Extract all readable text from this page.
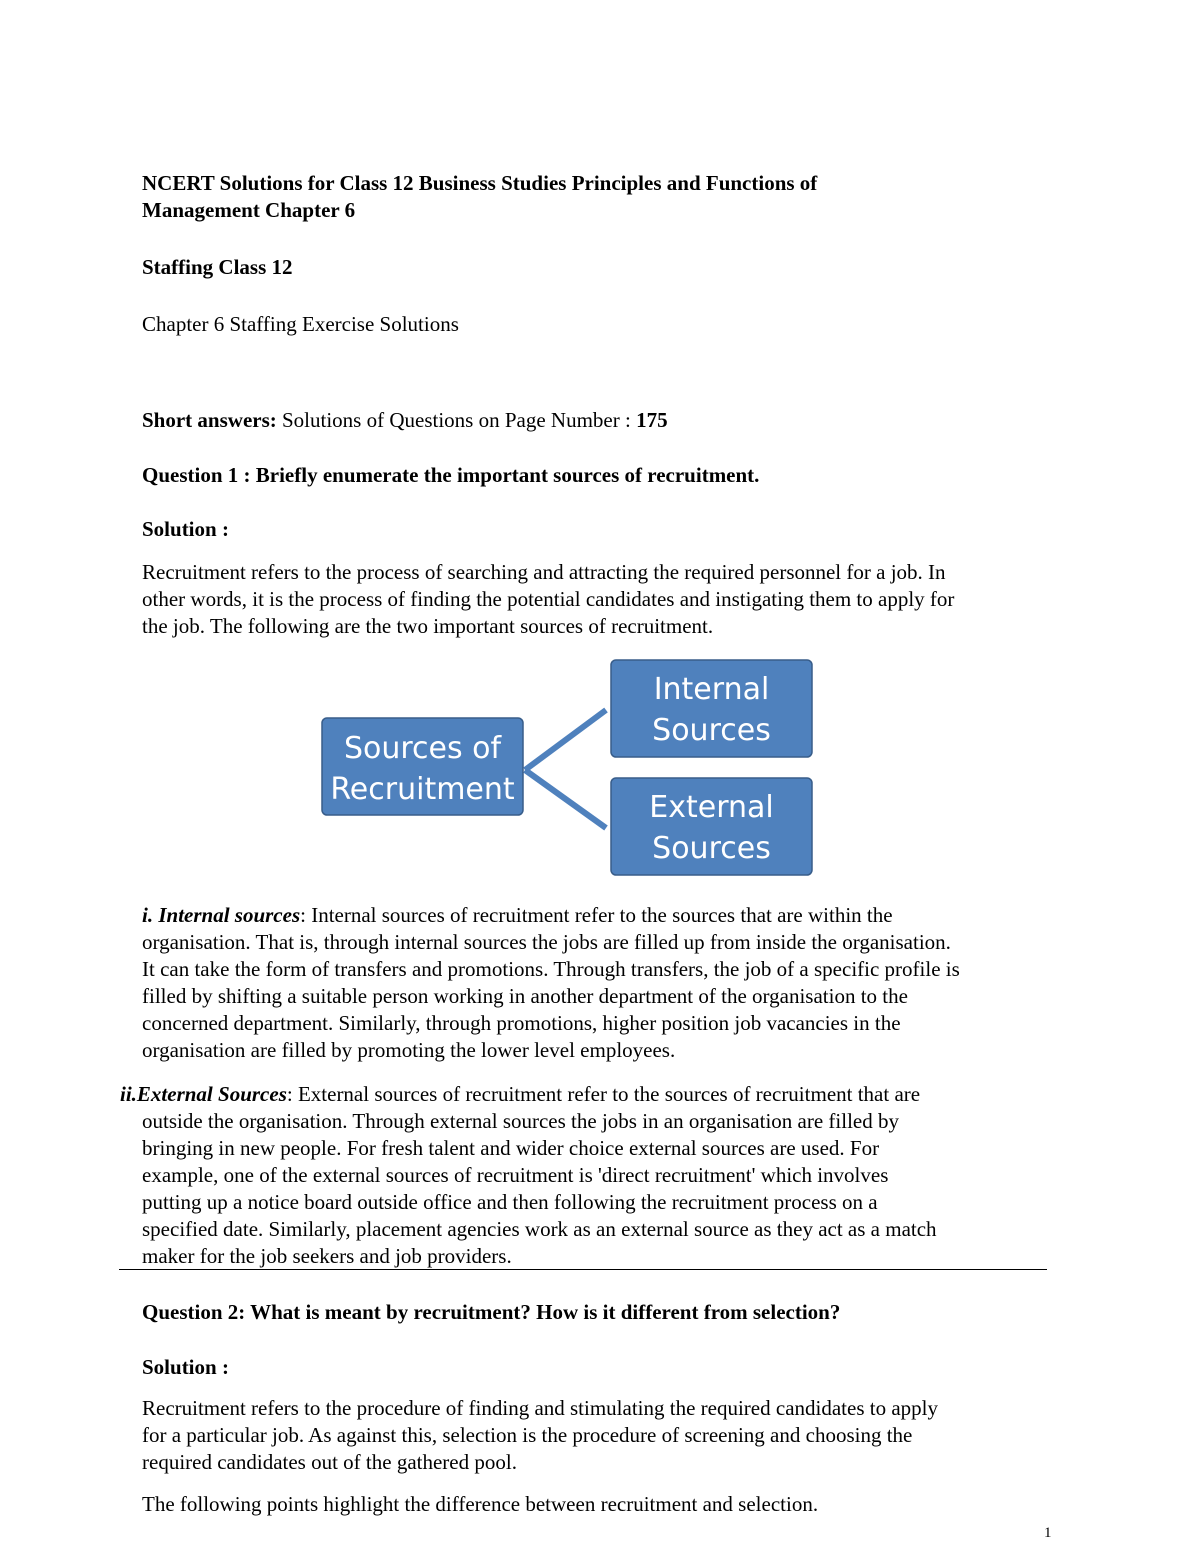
NCERT Solutions for Class 12 Business Studies Principles and Functions of
Management Chapter 6
Staffing Class 12
Chapter 6 Staffing Exercise Solutions
Short answers: Solutions of Questions on Page Number : 175
Question 1 : Briefly enumerate the important sources of recruitment.
Solution :
Recruitment refers to the process of searching and attracting the required personnel for a job. In
other words, it is the process of finding the potential candidates and instigating them to apply for
the job. The following are the two important sources of recruitment.
Sources of
Recruitment
Internal
Sources
External
Sources
i. Internal sources: Internal sources of recruitment refer to the sources that are within the
organisation. That is, through internal sources the jobs are filled up from inside the organisation.
It can take the form of transfers and promotions. Through transfers, the job of a specific profile is
filled by shifting a suitable person working in another department of the organisation to the
concerned department. Similarly, through promotions, higher position job vacancies in the
organisation are filled by promoting the lower level employees.
ii.External Sources: External sources of recruitment refer to the sources of recruitment that are
outside the organisation. Through external sources the jobs in an organisation are filled by
bringing in new people. For fresh talent and wider choice external sources are used. For
example, one of the external sources of recruitment is 'direct recruitment' which involves
putting up a notice board outside office and then following the recruitment process on a
specified date. Similarly, placement agencies work as an external source as they act as a match
maker for the job seekers and job providers.
Question 2: What is meant by recruitment? How is it different from selection?
Solution :
Recruitment refers to the procedure of finding and stimulating the required candidates to apply
for a particular job. As against this, selection is the procedure of screening and choosing the
required candidates out of the gathered pool.
The following points highlight the difference between recruitment and selection.
1
